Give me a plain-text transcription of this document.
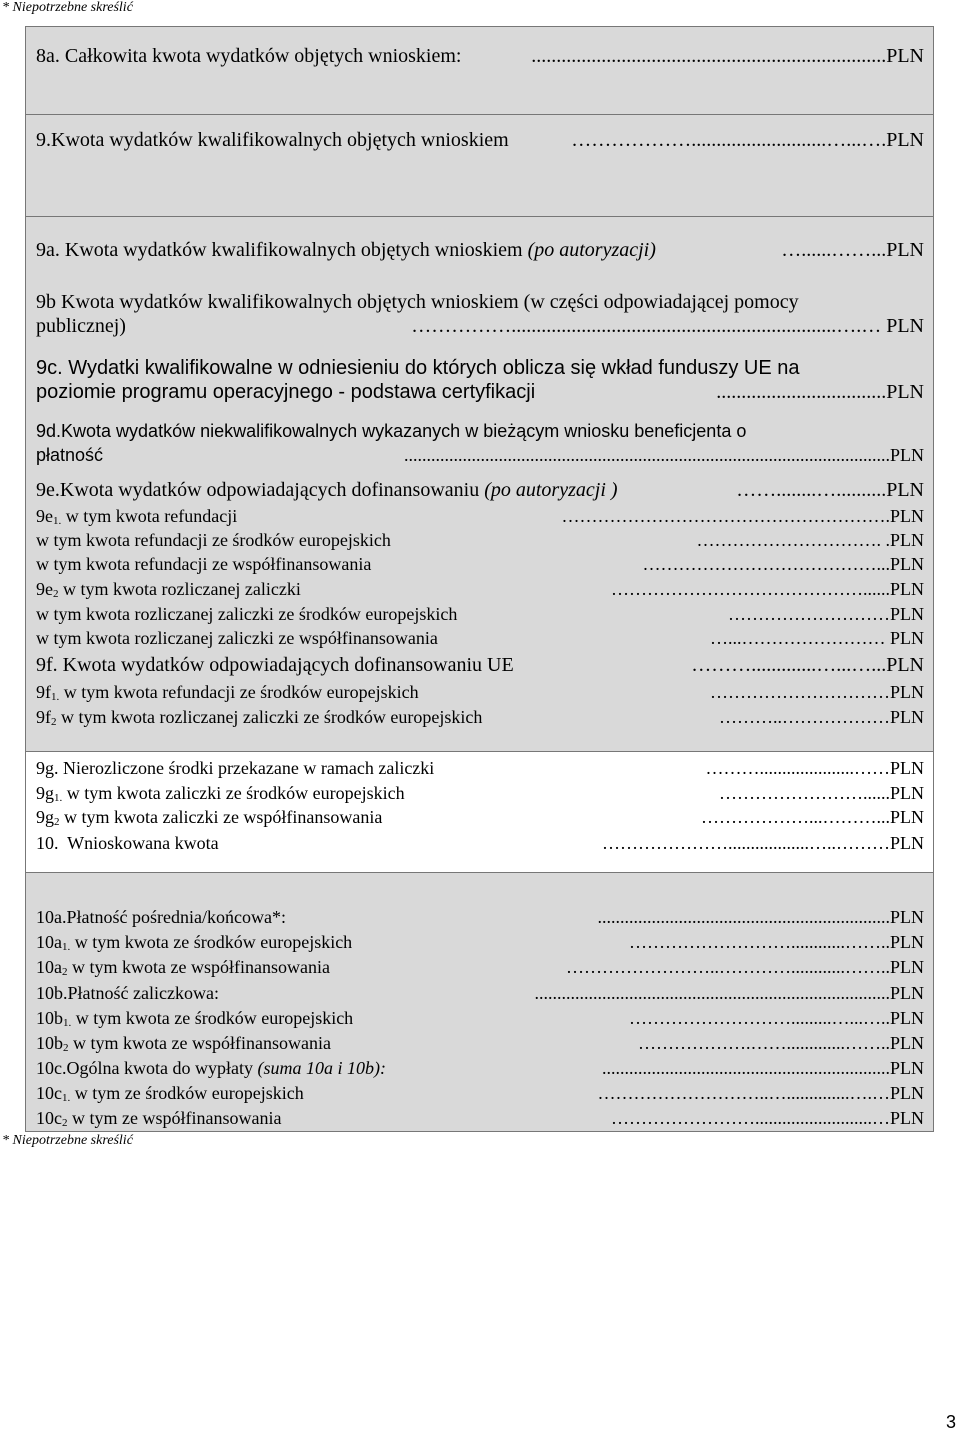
* Niepotrzebne skreślić
8a. Całkowita kwota wydatków objętych wnioskiem:	.......................................................................PLN
9.Kwota wydatków kwalifikowalnych objętych wnioskiem	………………...........................…...….PLN
9a. Kwota wydatków kwalifikowalnych objętych wnioskiem (po autoryzacji)	…......……...PLN
9b Kwota wydatków kwalifikowalnych objętych wnioskiem (w części odpowiadającej pomocy
publicznej)	…………….................................................................….… PLN
9c. Wydatki kwalifikowalne w odniesieniu do których oblicza się wkład funduszy UE na
poziomie programu operacyjnego - podstawa certyfikacji	..................................PLN
9d.Kwota wydatków niekwalifikowalnych wykazanych w bieżącym wniosku beneficjenta o
płatność	............................................................................................................PLN
9e.Kwota wydatków odpowiadających dofinansowaniu (po autoryzacji )	……........…..........PLN
9e1. w tym kwota refundacji	……………………………………………….PLN
w tym kwota refundacji ze środków europejskich	…………………………. .PLN
w tym kwota refundacji ze współfinansowania	…………………………………...PLN
9e2 w tym kwota rozliczanej zaliczki	……………………………………......PLN
w tym kwota rozliczanej zaliczki ze środków europejskich	………………………PLN
w tym kwota rozliczanej zaliczki ze współfinansowania	…...…………………… PLN
9f. Kwota wydatków odpowiadających dofinansowaniu UE	……….............…...…...PLN
9f1. w tym kwota refundacji ze środków europejskich	…………………………PLN
9f2 w tym kwota rozliczanej zaliczki ze środków europejskich	………..………………PLN
9g. Nierozliczone środki przekazane w ramach zaliczki	……….....................……PLN
9g1. w tym kwota zaliczki ze środków europejskich	……………………......PLN
9g2 w tym kwota zaliczki ze współfinansowania	………………...………...PLN
10.  Wnioskowana kwota	…………………..................…..………PLN
10a.Płatność pośrednia/końcowa*:	.................................................................PLN
10a1. w tym kwota ze środków europejskich	………………………............……..PLN
10a2 w tym kwota ze współfinansowania	……………………..…………............……..PLN
10b.Płatność zaliczkowa:	...............................................................................PLN
10b1. w tym kwota ze środków europejskich	……………………….........…...…..PLN
10b2 w tym kwota ze współfinansowania	……………….…….............……..PLN
10c.Ogólna kwota do wypłaty (suma 10a i 10b):	................................................................PLN
10c1. w tym ze środków europejskich	………………………..…..............….…PLN
10c2 w tym ze współfinansowania	……………………..........................…PLN
* Niepotrzebne skreślić
3
